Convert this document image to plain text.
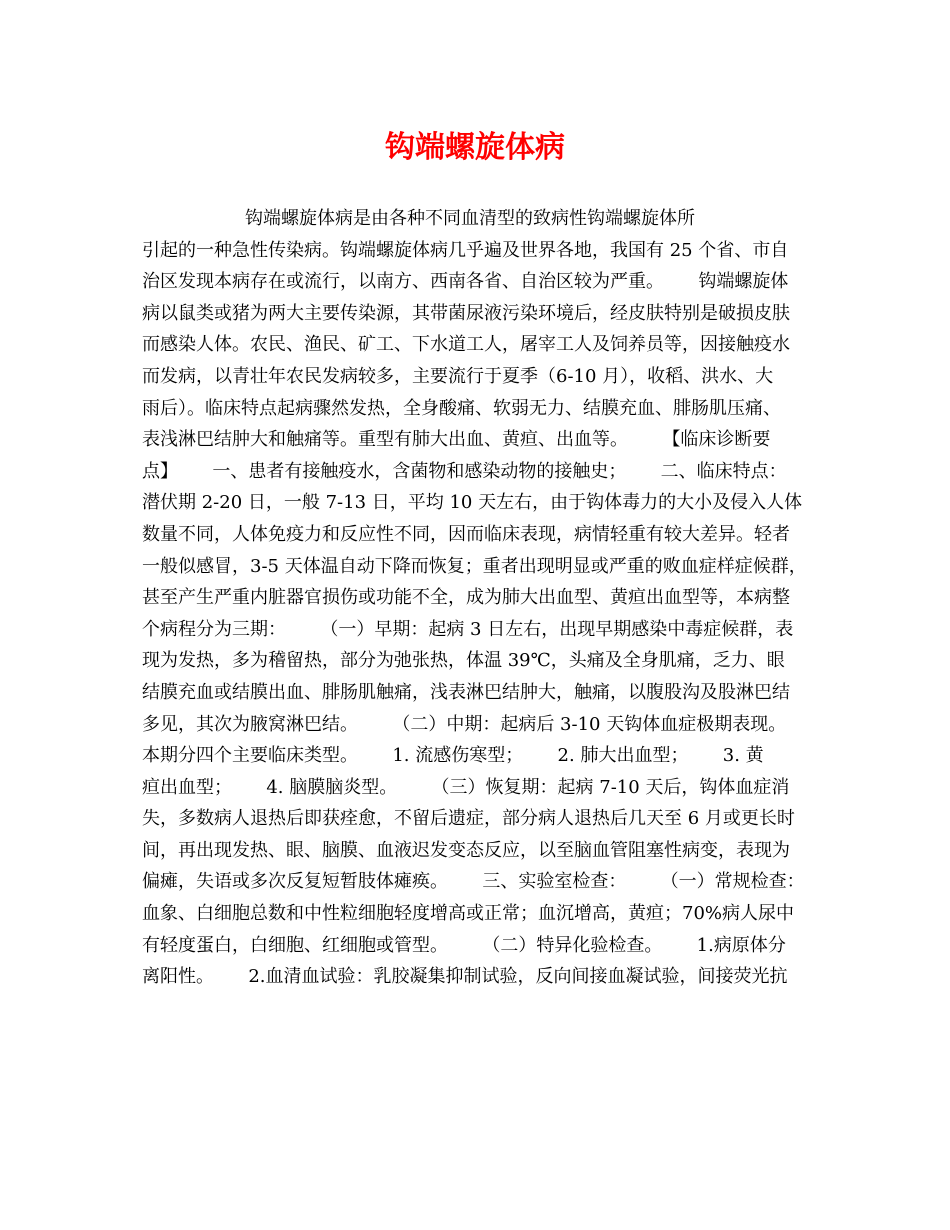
钩端螺旋体病
钩端螺旋体病是由各种不同血清型的致病性钩端螺旋体所
引起的一种急性传染病。钩端螺旋体病几乎遍及世界各地，我国有 25 个省、市自
治区发现本病存在或流行，以南方、西南各省、自治区较为严重。      钩端螺旋体
病以鼠类或猪为两大主要传染源，其带菌尿液污染环境后，经皮肤特别是破损皮肤
而感染人体。农民、渔民、矿工、下水道工人，屠宰工人及饲养员等，因接触疫水
而发病，以青壮年农民发病较多，主要流行于夏季（6-10 月），收稻、洪水、大
雨后）。临床特点起病骤然发热，全身酸痛、软弱无力、结膜充血、腓肠肌压痛、
表浅淋巴结肿大和触痛等。重型有肺大出血、黄疸、出血等。      【临床诊断要
点】      一、患者有接触疫水，含菌物和感染动物的接触史；      二、临床特点：
潜伏期 2-20 日，一般 7-13 日，平均 10 天左右，由于钩体毒力的大小及侵入人体
数量不同，人体免疫力和反应性不同，因而临床表现，病情轻重有较大差异。轻者
一般似感冒，3-5 天体温自动下降而恢复；重者出现明显或严重的败血症样症候群，
甚至产生严重内脏器官损伤或功能不全，成为肺大出血型、黄疸出血型等，本病整
个病程分为三期：      （一）早期：起病 3 日左右，出现早期感染中毒症候群，表
现为发热，多为稽留热，部分为弛张热，体温 39℃，头痛及全身肌痛，乏力、眼
结膜充血或结膜出血、腓肠肌触痛，浅表淋巴结肿大，触痛，以腹股沟及股淋巴结
多见，其次为腋窝淋巴结。      （二）中期：起病后 3-10 天钩体血症极期表现。
本期分四个主要临床类型。      1. 流感伤寒型；      2. 肺大出血型；      3. 黄
疸出血型；      4. 脑膜脑炎型。      （三）恢复期：起病 7-10 天后，钩体血症消
失，多数病人退热后即获痊愈，不留后遗症，部分病人退热后几天至 6 月或更长时
间，再出现发热、眼、脑膜、血液迟发变态反应，以至脑血管阻塞性病变，表现为
偏瘫，失语或多次反复短暂肢体瘫痪。      三、实验室检查：      （一）常规检查：
血象、白细胞总数和中性粒细胞轻度增高或正常；血沉增高，黄疸；70%病人尿中
有轻度蛋白，白细胞、红细胞或管型。      （二）特异化验检查。      1.病原体分
离阳性。      2.血清血试验：乳胶凝集抑制试验，反向间接血凝试验，间接荧光抗
